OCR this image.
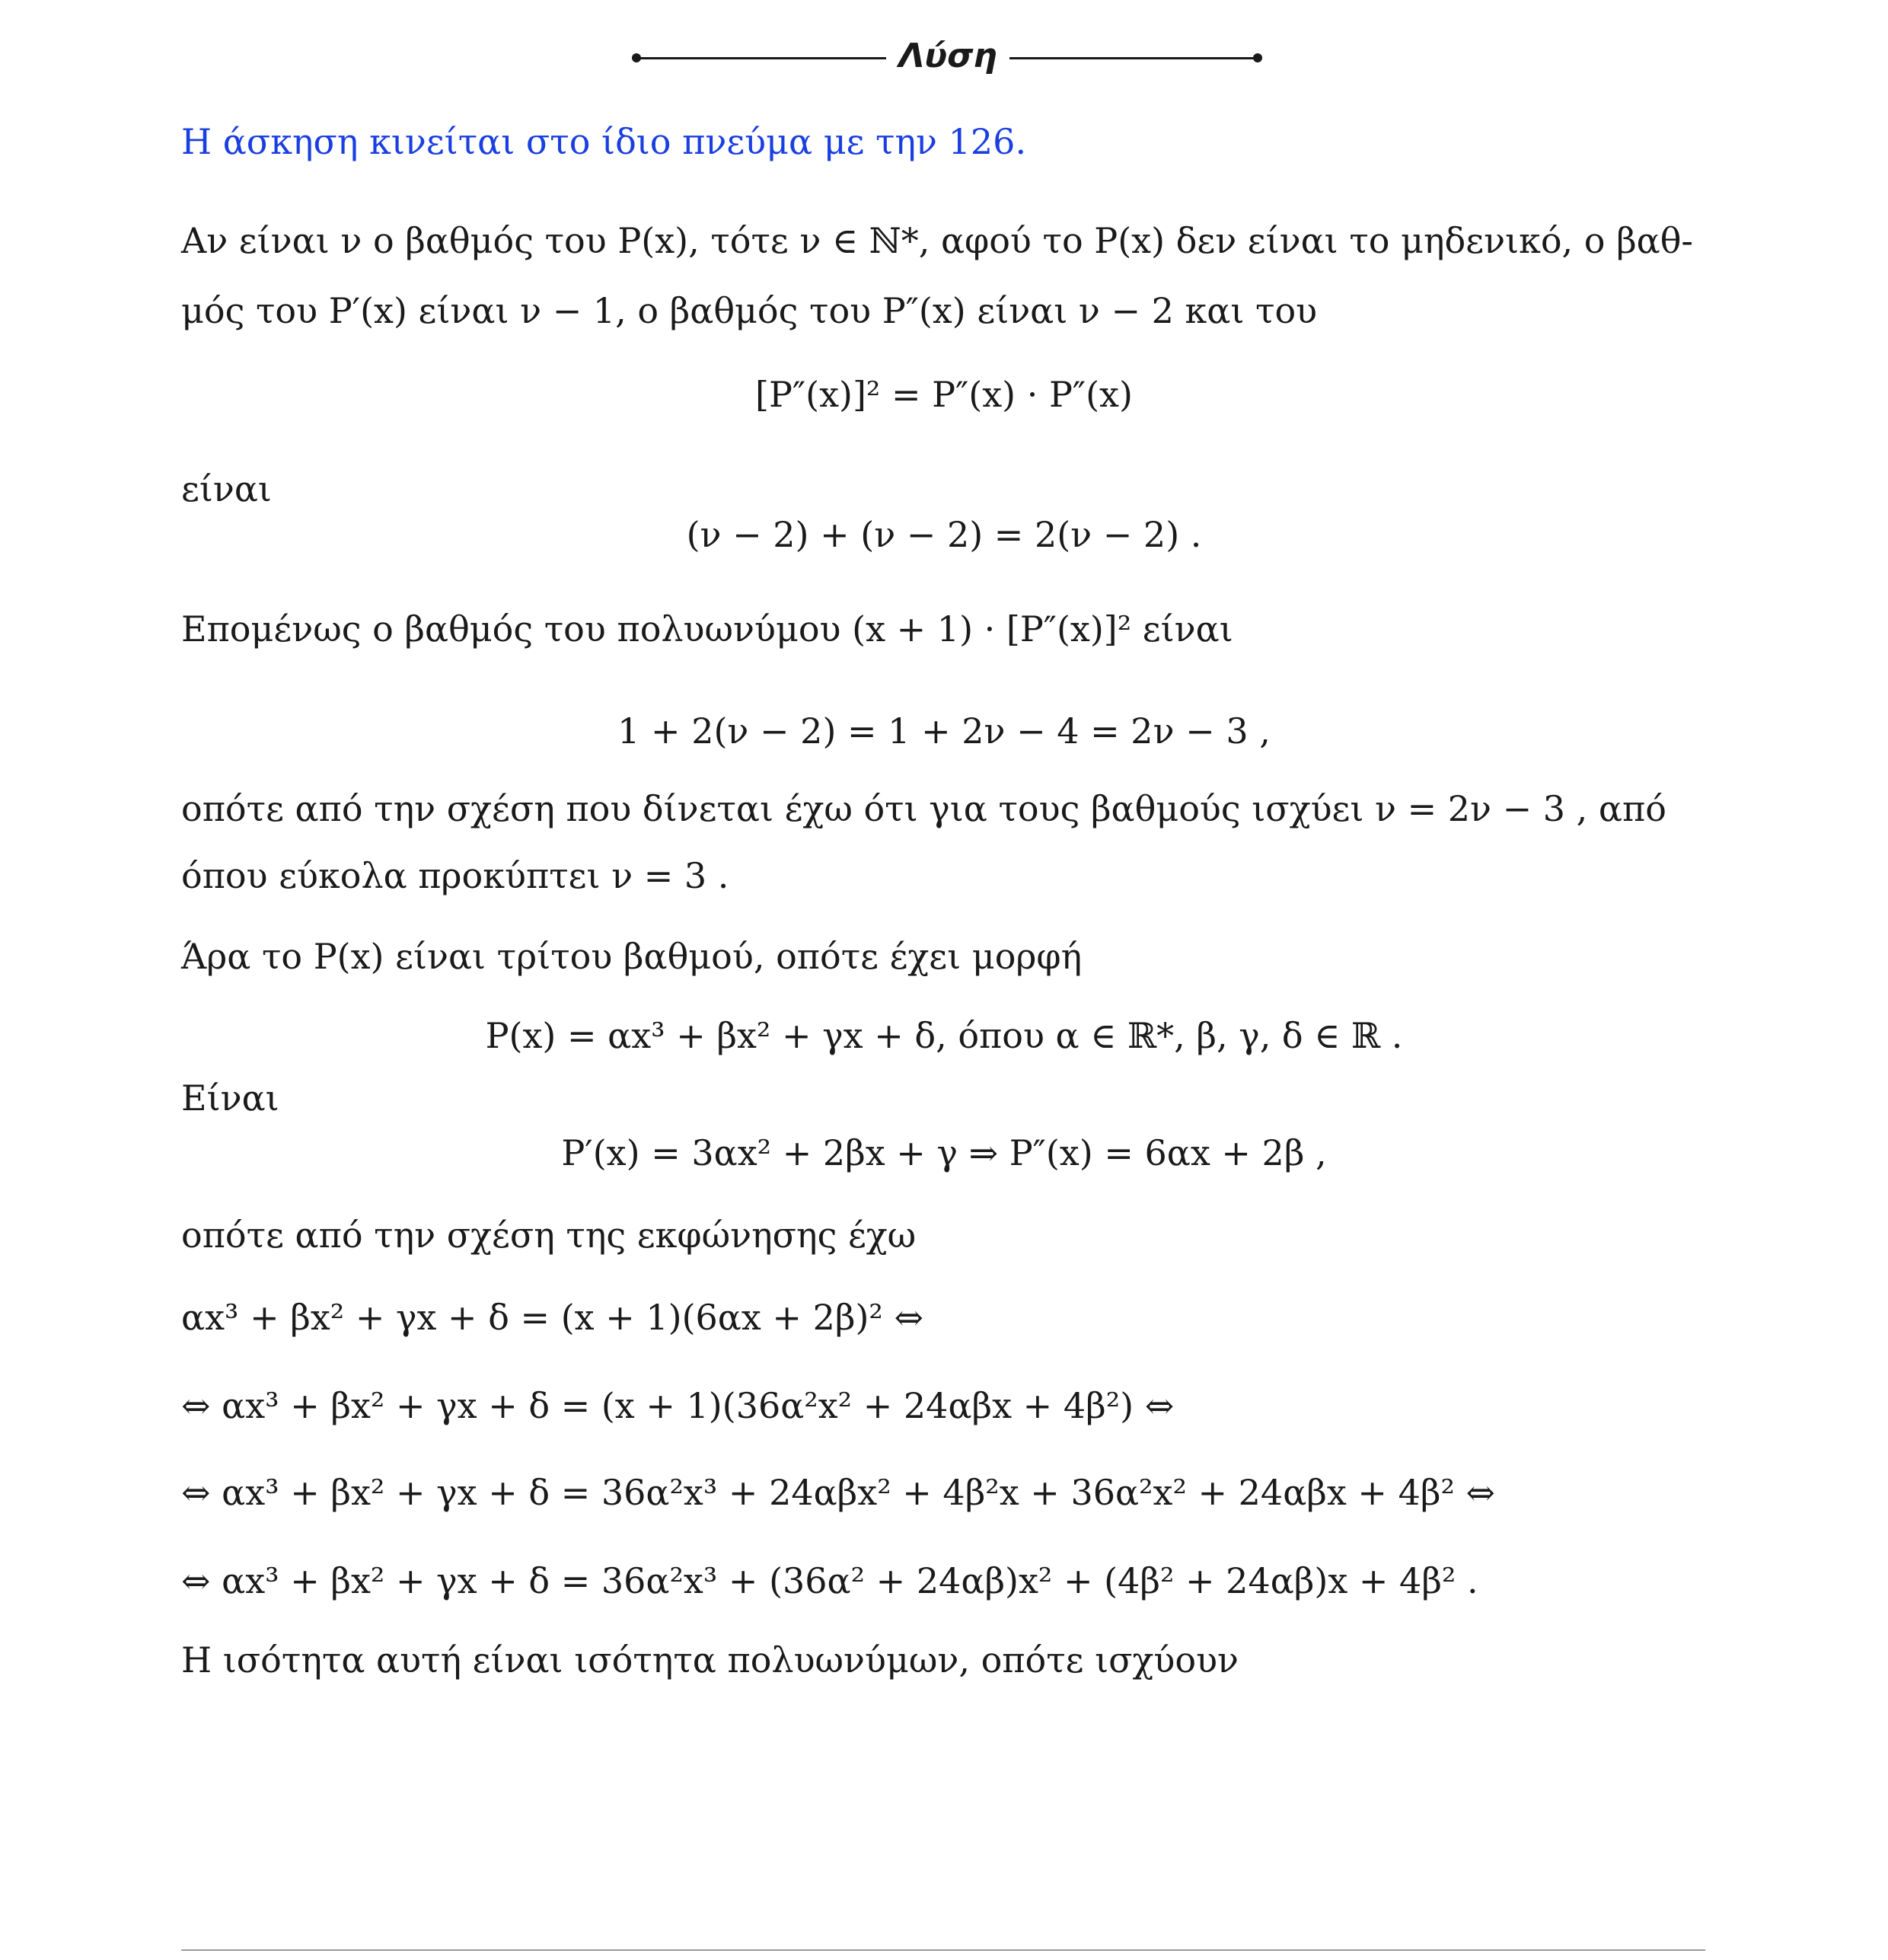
Λύση
Η άσκηση κινείται στο ίδιο πνεύμα με την 126.
Αν είναι ν ο βαθμός του P(x), τότε ν ∈ ℕ*, αφού το P(x) δεν είναι το μηδενικό, ο βαθ-
μός του P′(x) είναι ν − 1, ο βαθμός του P″(x) είναι ν − 2 και του
[P″(x)]² = P″(x) · P″(x)
είναι
(ν − 2) + (ν − 2) = 2(ν − 2) .
Επομένως ο βαθμός του πολυωνύμου (x + 1) · [P″(x)]² είναι
1 + 2(ν − 2) = 1 + 2ν − 4 = 2ν − 3 ,
οπότε από την σχέση που δίνεται έχω ότι για τους βαθμούς ισχύει ν = 2ν − 3 , από
όπου εύκολα προκύπτει ν = 3 .
Άρα το P(x) είναι τρίτου βαθμού, οπότε έχει μορφή
P(x) = αx³ + βx² + γx + δ, όπου α ∈ ℝ*, β, γ, δ ∈ ℝ .
Είναι
P′(x) = 3αx² + 2βx + γ ⇒ P″(x) = 6αx + 2β ,
οπότε από την σχέση της εκφώνησης έχω
αx³ + βx² + γx + δ = (x + 1)(6αx + 2β)² ⇔
⇔ αx³ + βx² + γx + δ = (x + 1)(36α²x² + 24αβx + 4β²) ⇔
⇔ αx³ + βx² + γx + δ = 36α²x³ + 24αβx² + 4β²x + 36α²x² + 24αβx + 4β² ⇔
⇔ αx³ + βx² + γx + δ = 36α²x³ + (36α² + 24αβ)x² + (4β² + 24αβ)x + 4β² .
Η ισότητα αυτή είναι ισότητα πολυωνύμων, οπότε ισχύουν
